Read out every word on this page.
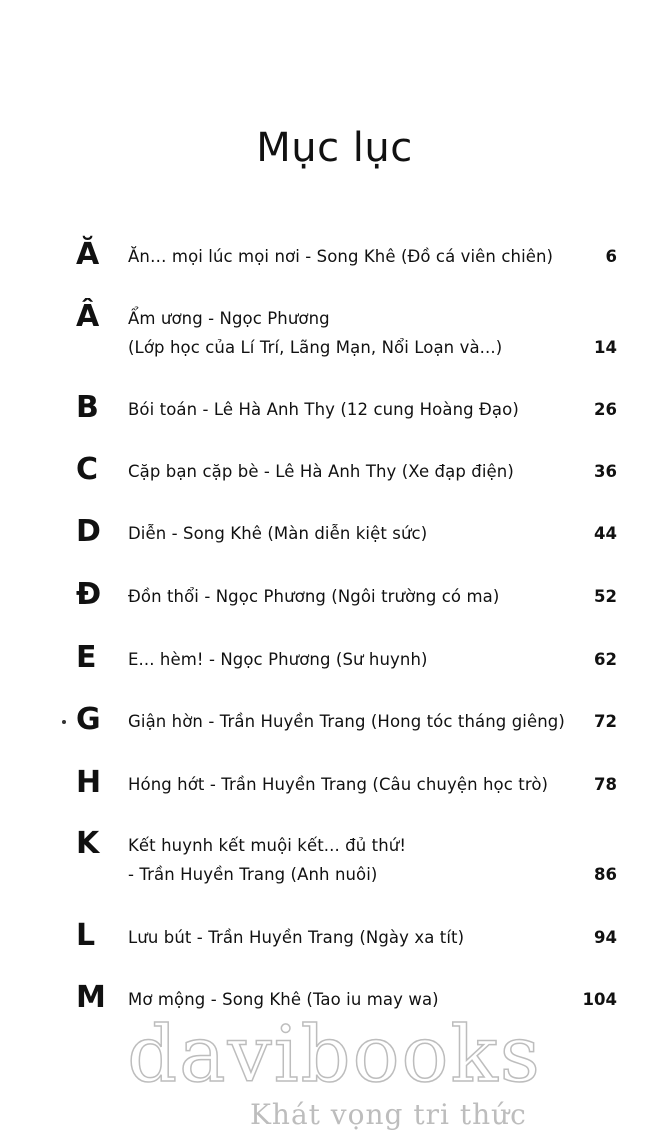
Mục lục
Ă	Ăn… mọi lúc mọi nơi - Song Khê (Đồ cá viên chiên)	6
Â	Ẩm ương - Ngọc Phương
(Lớp học của Lí Trí, Lãng Mạn, Nổi Loạn và...)	14
B	Bói toán - Lê Hà Anh Thy (12 cung Hoàng Đạo)	26
C	Cặp bạn cặp bè - Lê Hà Anh Thy (Xe đạp điện)	36
D	Diễn - Song Khê (Màn diễn kiệt sức)	44
Đ	Đồn thổi - Ngọc Phương (Ngôi trường có ma)	52
E	E... hèm! - Ngọc Phương (Sư huynh)	62
G	Giận hờn - Trần Huyền Trang (Hong tóc tháng giêng) 72
H	Hóng hớt - Trần Huyền Trang (Câu chuyện học trò)	78
K	Kết huynh kết muội kết... đủ thứ!
- Trần Huyền Trang (Anh nuôi)	86
L	Lưu bút - Trần Huyền Trang (Ngày xa tít)	94
M	Mơ mộng - Song Khê (Tao iu may wa)	104
davibooks
Khát vọng tri thức
